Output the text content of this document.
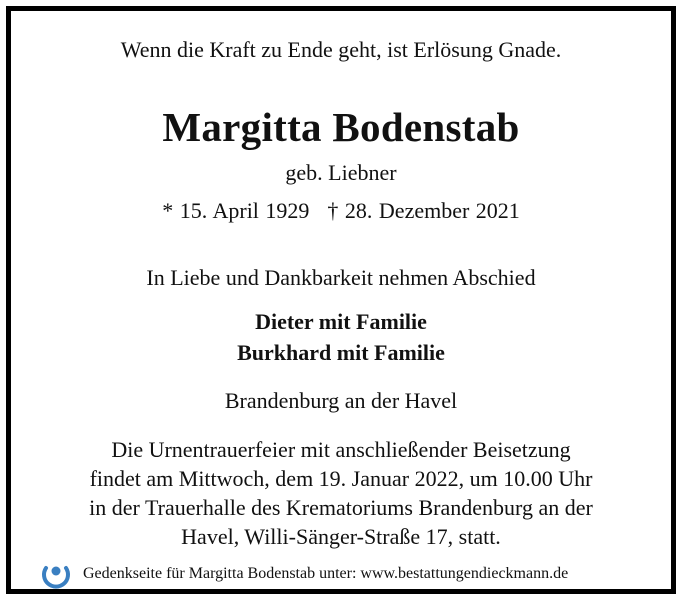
Wenn die Kraft zu Ende geht, ist Erlösung Gnade.
Margitta Bodenstab
geb. Liebner
* 15. April 1929 † 28. Dezember 2021
In Liebe und Dankbarkeit nehmen Abschied
Dieter mit Familie
Burkhard mit Familie
Brandenburg an der Havel
Die Urnentrauerfeier mit anschließender Beisetzung
findet am Mittwoch, dem 19. Januar 2022, um 10.00 Uhr
in der Trauerhalle des Krematoriums Brandenburg an der
Havel, Willi-Sänger-Straße 17, statt.
Gedenkseite für Margitta Bodenstab unter: www.bestattungendieckmann.de
